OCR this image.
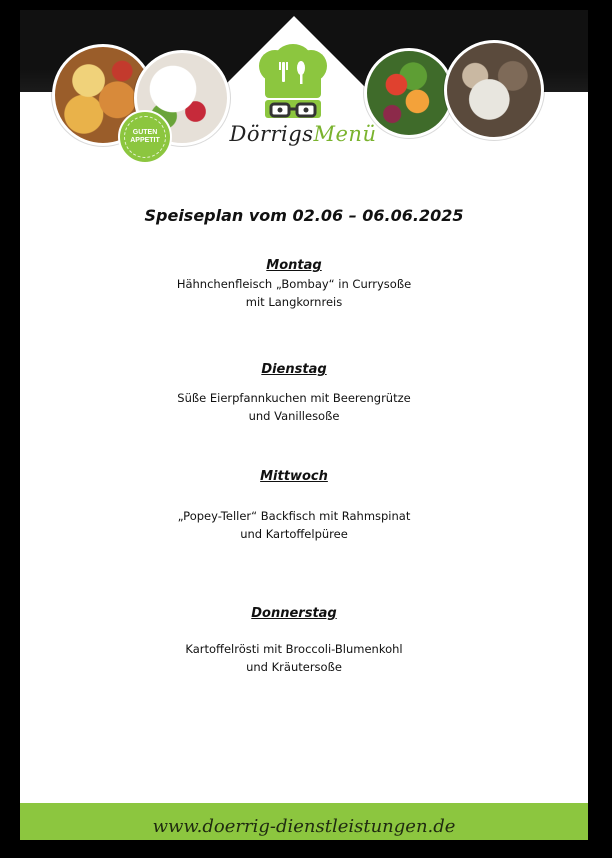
GUTEN
APPETIT	DörrigsMenü
Speiseplan vom 02.06 – 06.06.2025
Montag
Hähnchenfleisch „Bombay“ in Currysoße
mit Langkornreis
Dienstag
Süße Eierpfannkuchen mit Beerengrütze
und Vanillesoße
Mittwoch
„Popey-Teller“ Backfisch mit Rahmspinat
und Kartoffelpüree
Donnerstag
Kartoffelrösti mit Broccoli-Blumenkohl
und Kräutersoße
www.doerrig-dienstleistungen.de
